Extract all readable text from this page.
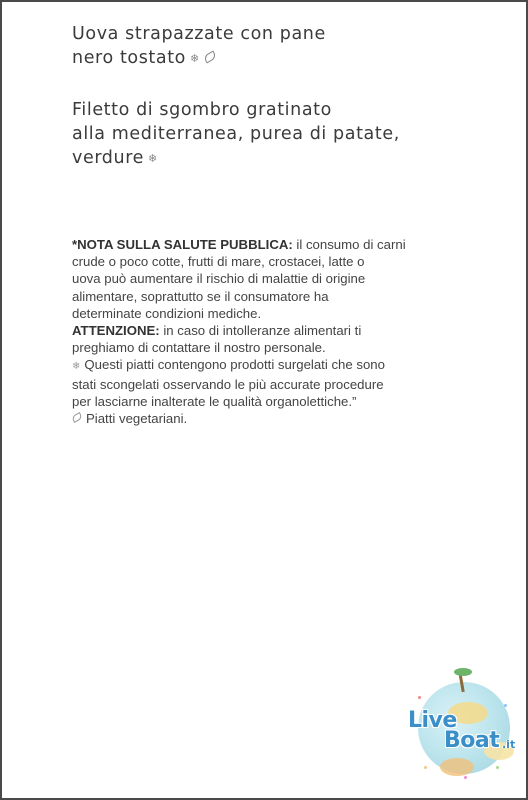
Uova strapazzate con pane
nero tostato ❄
Filetto di sgombro gratinato
alla mediterranea, purea di patate,
verdure ❄
*NOTA SULLA SALUTE PUBBLICA: il consumo di carni
crude o poco cotte, frutti di mare, crostacei, latte o
uova può aumentare il rischio di malattie di origine
alimentare, soprattutto se il consumatore ha
determinate condizioni mediche.
ATTENZIONE: in caso di intolleranze alimentari ti
preghiamo di contattare il nostro personale.
❄ Questi piatti contengono prodotti surgelati che sono
stati scongelati osservando le più accurate procedure
per lasciarne inalterate le qualità organolettiche.”
Piatti vegetariani.
Live
Boat .it
